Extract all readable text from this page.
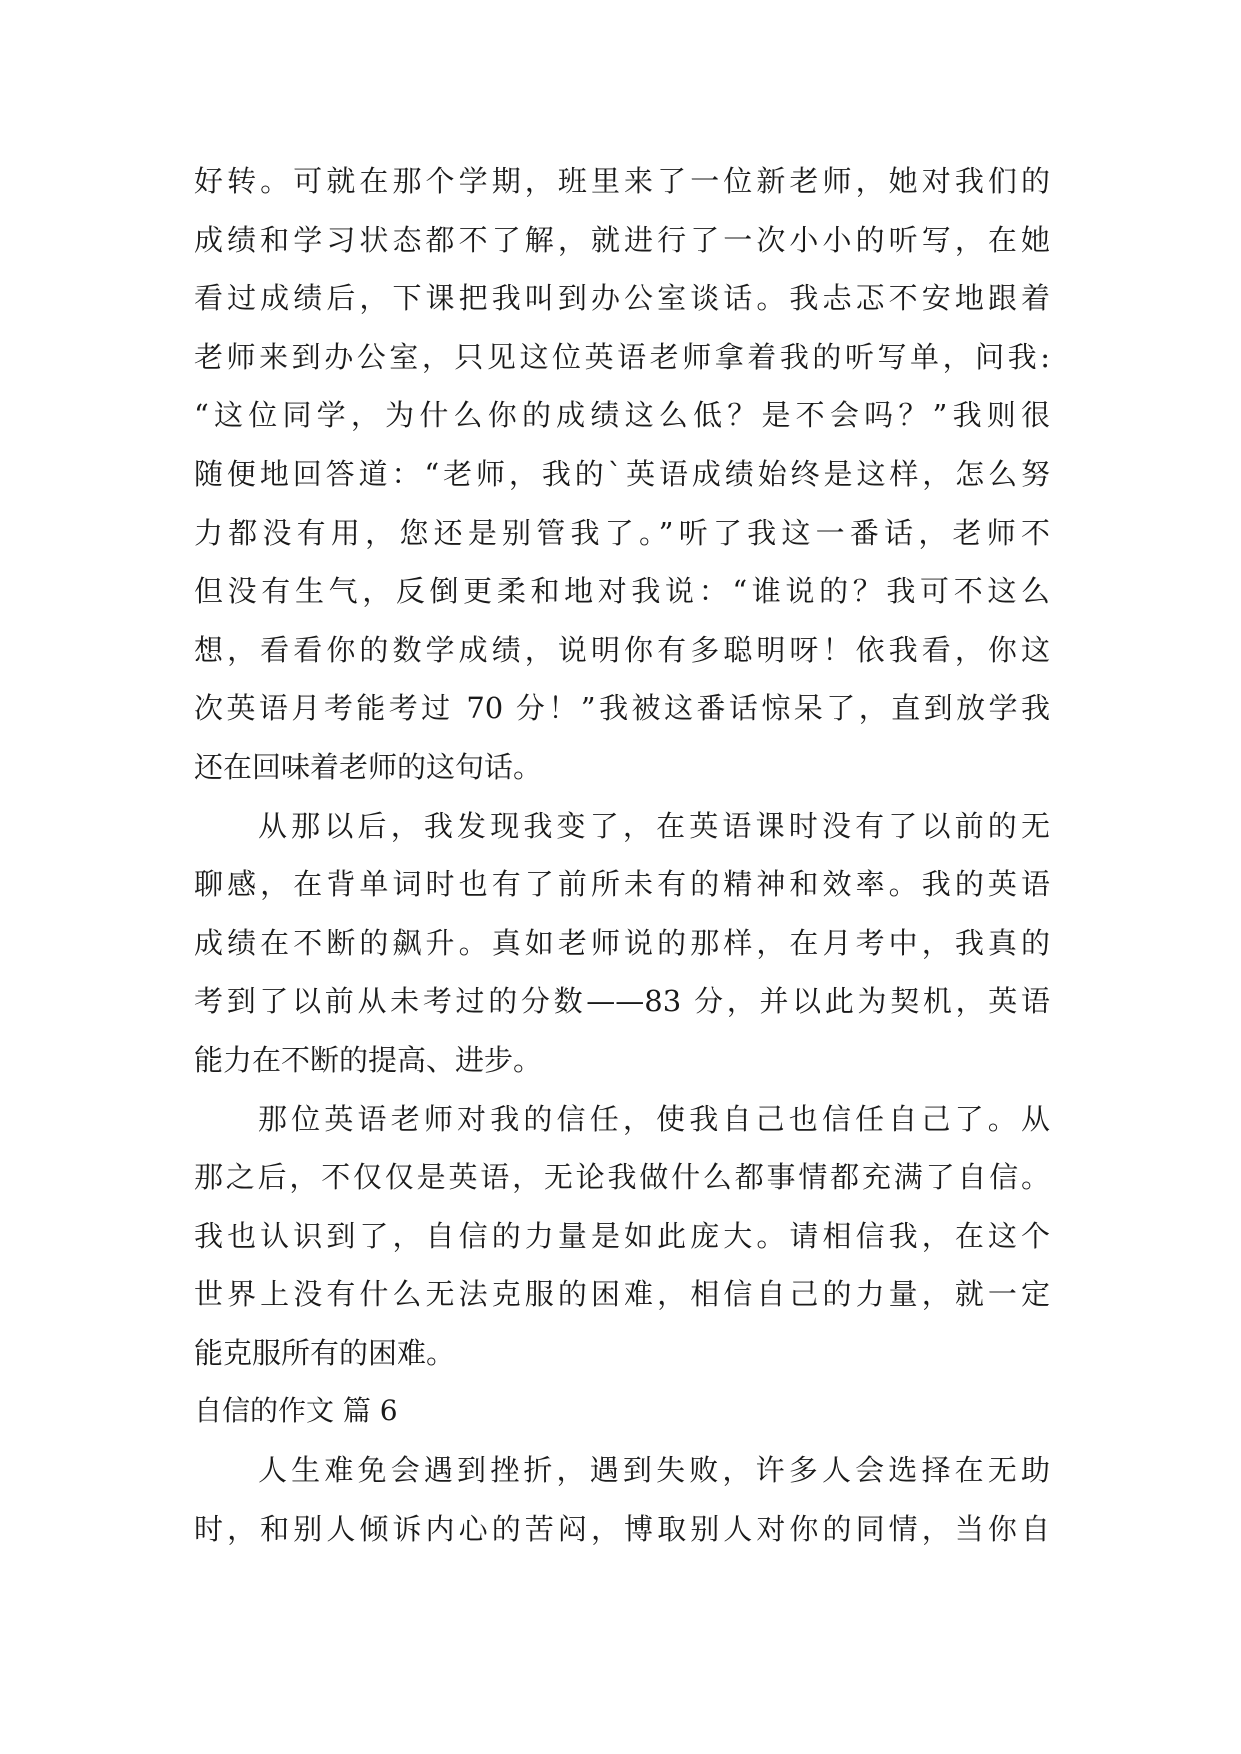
好转。可就在那个学期，班里来了一位新老师，她对我们的
成绩和学习状态都不了解，就进行了一次小小的听写，在她
看过成绩后，下课把我叫到办公室谈话。我忐忑不安地跟着
老师来到办公室，只见这位英语老师拿着我的听写单，问我:
“这位同学，为什么你的成绩这么低？是不会吗？”我则很
随便地回答道：“老师，我的`英语成绩始终是这样，怎么努
力都没有用，您还是别管我了。”听了我这一番话，老师不
但没有生气，反倒更柔和地对我说：“谁说的？我可不这么
想，看看你的数学成绩，说明你有多聪明呀！依我看，你这
次英语月考能考过 70 分！”我被这番话惊呆了，直到放学我
还在回味着老师的这句话。
从那以后，我发现我变了，在英语课时没有了以前的无
聊感，在背单词时也有了前所未有的精神和效率。我的英语
成绩在不断的飙升。真如老师说的那样，在月考中，我真的
考到了以前从未考过的分数——83 分，并以此为契机，英语
能力在不断的提高、进步。
那位英语老师对我的信任，使我自己也信任自己了。从
那之后，不仅仅是英语，无论我做什么都事情都充满了自信。
我也认识到了，自信的力量是如此庞大。请相信我，在这个
世界上没有什么无法克服的困难，相信自己的力量，就一定
能克服所有的困难。
自信的作文 篇 6
人生难免会遇到挫折，遇到失败，许多人会选择在无助
时，和别人倾诉内心的苦闷，博取别人对你的同情，当你自
